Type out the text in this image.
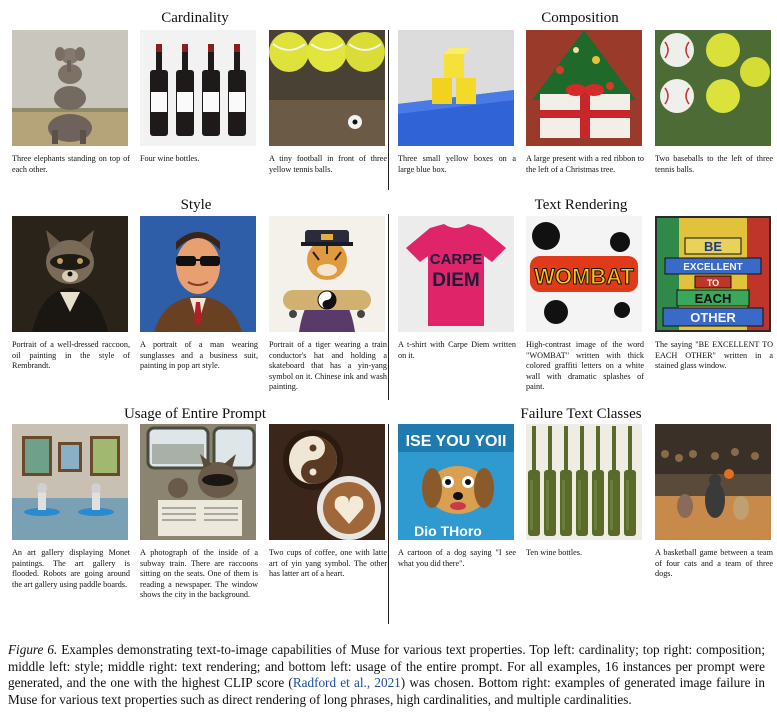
Cardinality	Composition
Style	Text Rendering
Usage of Entire Prompt	Failure Text Classes
Three elephants standing on top of each other.
Four wine bottles.	A tiny football in front of three yellow tennis balls.
Three small yellow boxes on a large blue box.
A large present with a red ribbon to the left of a Christmas tree.
Two baseballs to the left of three tennis balls.
Portrait of a well-dressed raccoon, oil painting in the style of Rembrandt.
A portrait of a man wearing sunglasses and a business suit, painting in pop art style.
Portrait of a tiger wearing a train conductor's hat and holding a skateboard that has a yin-yang symbol on it. Chinese ink and wash painting.
CARPE
DIEM
A t-shirt with Carpe Diem written on it.
WOMBAT
High-contrast image of the word "WOMBAT" written with thick colored graffiti letters on a white wall with dramatic splashes of paint.
BE
EXCELLENT
TO
EACH
OTHER
The saying "BE EXCELLENT TO EACH OTHER" written in a stained glass window.
An art gallery displaying Monet paintings. The art gallery is flooded. Robots are going around the art gallery using paddle boards.
A photograph of the inside of a subway train. There are raccoons sitting on the seats. One of them is reading a newspaper. The window shows the city in the background.
Two cups of coffee, one with latte art of yin yang symbol. The other has latter art of a heart.
ISE YOU YOII
Dio THoro
A cartoon of a dog saying "I see what you did there".
Ten wine bottles.	A basketball game between a team of four cats and a team of three dogs.
Figure 6. Examples demonstrating text-to-image capabilities of Muse for various text properties. Top left: cardinality; top right: composition; middle left: style; middle right: text rendering; and bottom left: usage of the entire prompt. For all examples, 16 instances per prompt were generated, and the one with the highest CLIP score (Radford et al., 2021) was chosen. Bottom right: examples of generated image failure in Muse for various text properties such as direct rendering of long phrases, high cardinalities, and multiple cardinalities.
